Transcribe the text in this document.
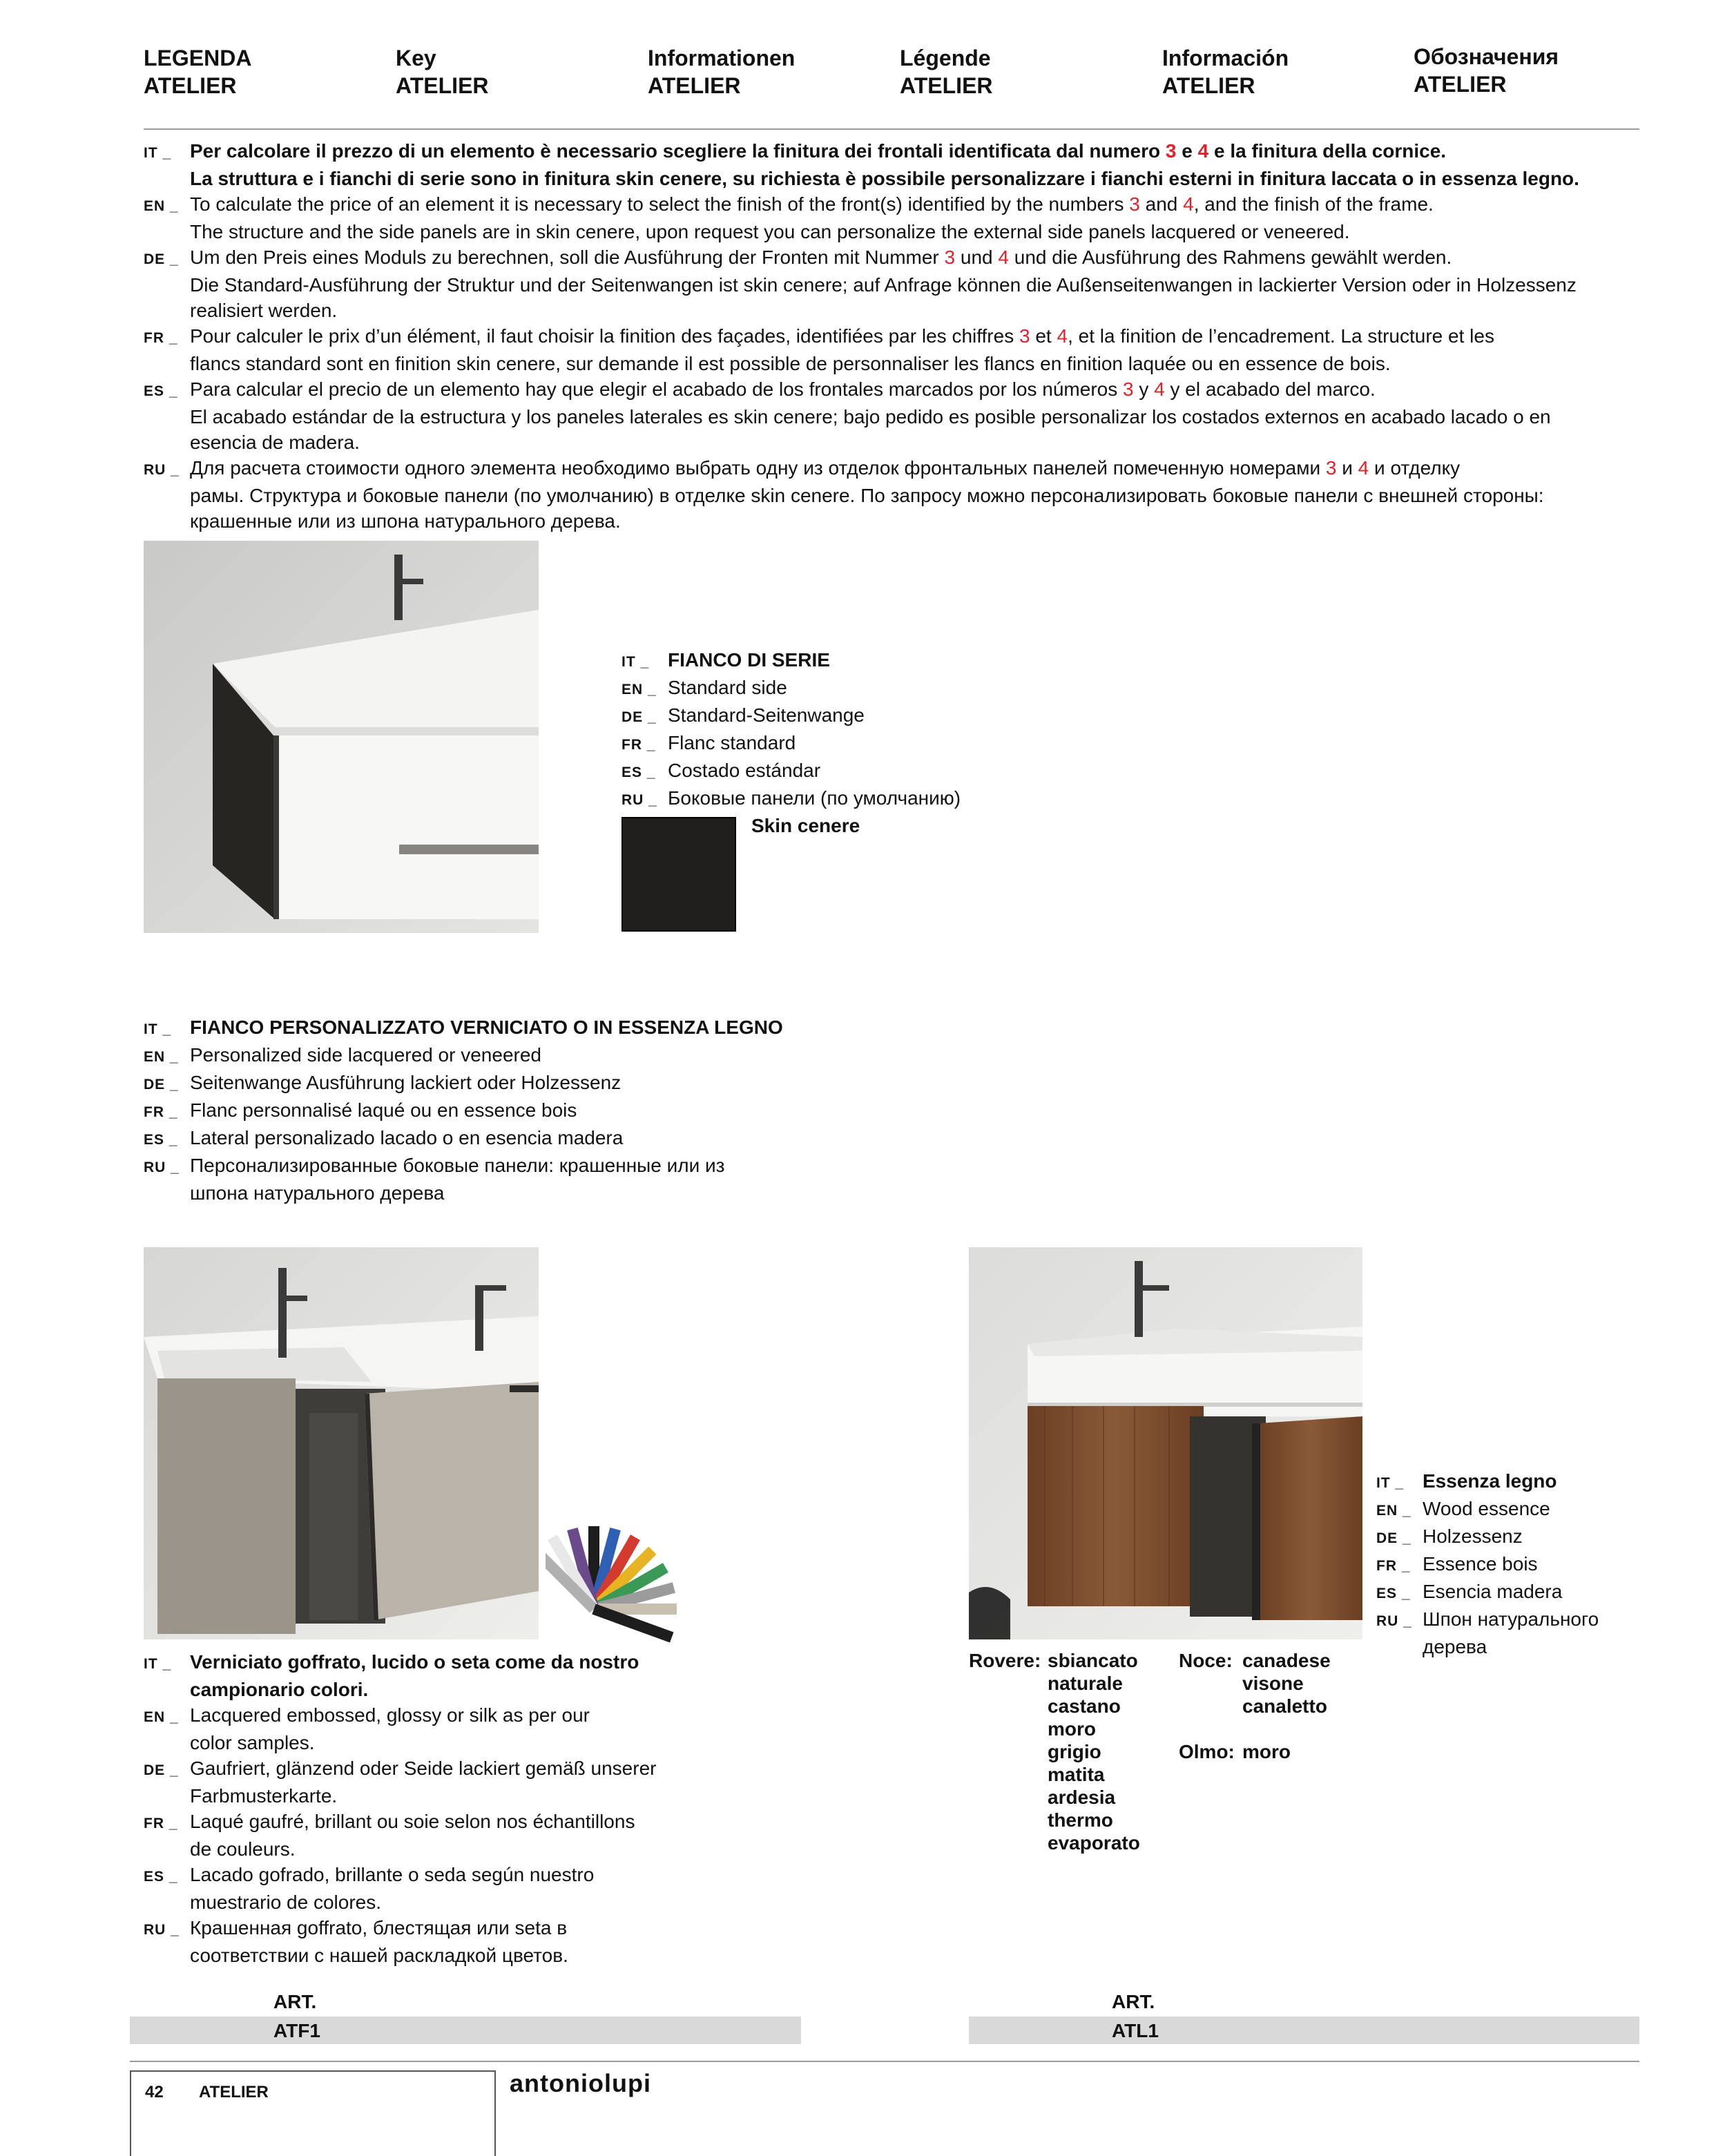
LEGENDA
ATELIER
Key
ATELIER
Informationen
ATELIER
Légende
ATELIER
Información
ATELIER
Обозначения
ATELIER
IT _ Per calcolare il prezzo di un elemento è necessario scegliere la finitura dei frontali identificata dal numero 3 e 4 e la finitura della cornice.
La struttura e i fianchi di serie sono in finitura skin cenere, su richiesta è possibile personalizzare i fianchi esterni in finitura laccata o in essenza legno.
EN _ To calculate the price of an element it is necessary to select the finish of the front(s) identified by the numbers 3 and 4, and the finish of the frame.
The structure and the side panels are in skin cenere, upon request you can personalize the external side panels lacquered or veneered.
DE _ Um den Preis eines Moduls zu berechnen, soll die Ausführung der Fronten mit Nummer 3 und 4 und die Ausführung des Rahmens gewählt werden.
Die Standard-Ausführung der Struktur und der Seitenwangen ist skin cenere; auf Anfrage können die Außenseitenwangen in lackierter Version oder in Holzessenz
realisiert werden.
FR _ Pour calculer le prix d’un élément, il faut choisir la finition des façades, identifiées par les chiffres 3 et 4, et la finition de l’encadrement. La structure et les
flancs standard sont en finition skin cenere, sur demande il est possible de personnaliser les flancs en finition laquée ou en essence de bois.
ES _ Para calcular el precio de un elemento hay que elegir el acabado de los frontales marcados por los números 3 y 4 y el acabado del marco.
El acabado estándar de la estructura y los paneles laterales es skin cenere; bajo pedido es posible personalizar los costados externos en acabado lacado o en
esencia de madera.
RU _ Для расчета стоимости одного элемента необходимо выбрать одну из отделок фронтальных панелей помеченную номерами 3 и 4 и отделку
рамы. Структура и боковые панели (по умолчанию) в отделке skin cenere. По запросу можно персонализировать боковые панели с внешней стороны:
крашенные или из шпона натурального дерева.
IT _ FIANCO DI SERIE
EN _ Standard side
DE _ Standard-Seitenwange
FR _ Flanc standard
ES _ Costado estándar
RU _ Боковые панели (по умолчанию)
Skin cenere
IT _ FIANCO PERSONALIZZATO VERNICIATO O IN ESSENZA LEGNO
EN _ Personalized side lacquered or veneered
DE _ Seitenwange Ausführung lackiert oder Holzessenz
FR _ Flanc personnalisé laqué ou en essence bois
ES _ Lateral personalizado lacado o en esencia madera
RU _ Персонализированные боковые панели: крашенные или из
шпона натурального дерева
IT _ Verniciato goffrato, lucido o seta come da nostro
campionario colori.
EN _ Lacquered embossed, glossy or silk as per our
color samples.
DE _ Gaufriert, glänzend oder Seide lackiert gemäß unserer
Farbmusterkarte.
FR _ Laqué gaufré, brillant ou soie selon nos échantillons
de couleurs.
ES _ Lacado gofrado, brillante o seda según nuestro
muestrario de colores.
RU _ Крашенная goffrato, блестящая или seta в
соответствии с нашей раскладкой цветов.
IT _ Essenza legno
EN _ Wood essence
DE _ Holzessenz
FR _ Essence bois
ES _ Esencia madera
RU _ Шпон натурального
дерева
Rovere: sbiancato
naturale
castano
moro
grigio
matita
ardesia
thermo
evaporato
Noce: canadese
visone
canaletto
Olmo: moro
ART.
ATF1
ART.
ATL1
42 ATELIER	antoniolupi
